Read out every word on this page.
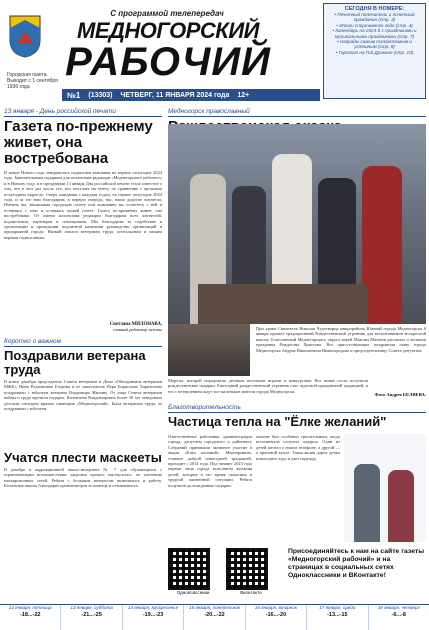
Городская газета. Выходит с 1 сентября 1936 года
С программой телепередач
МЕДНОГОРСКИЙ
РАБОЧИЙ
СЕГОДНЯ В НОМЕРЕ:
• Почетный попечитель и почетный гражданин (стр. 3)
• Итоги спортивного года (стр. 4)
• Календарь на 2024-й с праздниками и музыкальными праздниками (стр. 7)
• Награды самым талантливым и успешным (стр. 8)
• Гороскоп на Год Дракона (стр. 10)
№1 (13303) ЧЕТВЕРГ, 11 ЯНВАРЯ 2024 года 12+
13 января - День российской печати
Газета по-прежнему живет, она востребована

В канун Нового года завершилась подписная кампания на первое полугодие 2024 года. Замечательным подарком для коллектива редакции «Медногорского рабочего» и в Новому году, и в преддверии 13 января Дня российской печати стало известие о том, что в этот раз число тех, кто получает на газету, по сравнению с прошлым полугодием выросло. Сверх ожидания с каждым годом, на первое полугодие 2024 года, и за это нам благодарим, в первую очередь, вас, наши дорогие читатели. Именно вы, выписывая городскую газету или компанию вы остаетесь с ней и оставаясь с нею и оставаясь нашей газете. Газета по-прежнему живет, она востребована. От имени коллектива редакции благодарим всех читателей, подписчиков, партнеров и помощников. Мы благодарим за содействие в организации и проведении подписной кампании руководство организаций и предприятий города. Низкий поклон ветеранам труда, почтальонам и нашим верным подписчикам.

Светлана МИЛОНАВА,
главный редактор газеты
Коротко о важном
Поздравили ветерана труда

В конце декабря председатель Совета ветеранов и Дома «Объединение ветеранов МЖК» Нина Родионовна Егорова и ее заместитель Вера Борисовна Харитонова поздравили с юбилеем ветерана Владимира Жилину. От лица Совета ветеранов войны и труда вручили подарок. Валентина Владимировна более 30 лет заведовала детским сектором врачом санатория «Медногорский». Была ветераном труда, ее поздравили с юбилеем.

Учатся плести маскееты

В декабре в коррекционной школе-интернате № 7 для обучающихся с ограниченными возможностями здоровья прошел мастер-класс по плетению маскировочных сетей. Ребята с большим интересом включились в работу. Коллектив школы благодарит организаторов за помощь и отзывчивость.

Медногорск православный

При храме Святителя Николая Чудотворца микрорайона Южный города Медногорска 6 января прошел традиционный Рождественский утренник для воспитанников воскресной школы. Благочинный Медногорского округа иерей Максим Матвеев рассказал о величии праздника Рождества Христова. Все присутствующие поздравили главу города Медногорска Андрея Николаевича Нижегородова и председательницу Совета депутатов.

Морозы, которой порадовали детишек веселыми играми и конкурсами. Все юные гости получили рождественские подарки. Ежегодный рождественский утренник стал чудесной праздничной традицией, и его с нетерпением ждут все маленькие жители города Медногорска.

Фото Андрея БЕЛЯЕВА.
Благотворительность
Частица тепла на "Ёлке желаний"

Ответственные работники администрации города, депутаты городского и районного Собраний принимали активное участие в акции «Елка желаний». Мероприятие, ставшее доброй новогодней традицией, проходит с 2014 года. Под занавес 2023 года первые лица города исполнили желания детей, которые в это время оказались в трудной жизненной ситуации. Ребята получили долгожданные подарки.

момент был особенно трогательным, когда исполнитель получил подарок. Один из детей мечтал о новом телефоне, а другой — о красивой кукле. Такая акция дарит детям новогоднее чудо и дает надежду.

Одноклассники	Вконтакте
Присоединяйтесь к нам на сайте газеты «Медногорский рабочий» и на страницах в социальных сетях Одноклассники и ВКонтакте!
12 января, пятница
-18...-22
13 января, суббота
-21...-25
14 января, воскресенье
-19...-23
15 января, понедельник
-20...-22
16 января, вторник
-16...-20
17 января, среда
-13...-15
18 января, четверг
-6...-8
